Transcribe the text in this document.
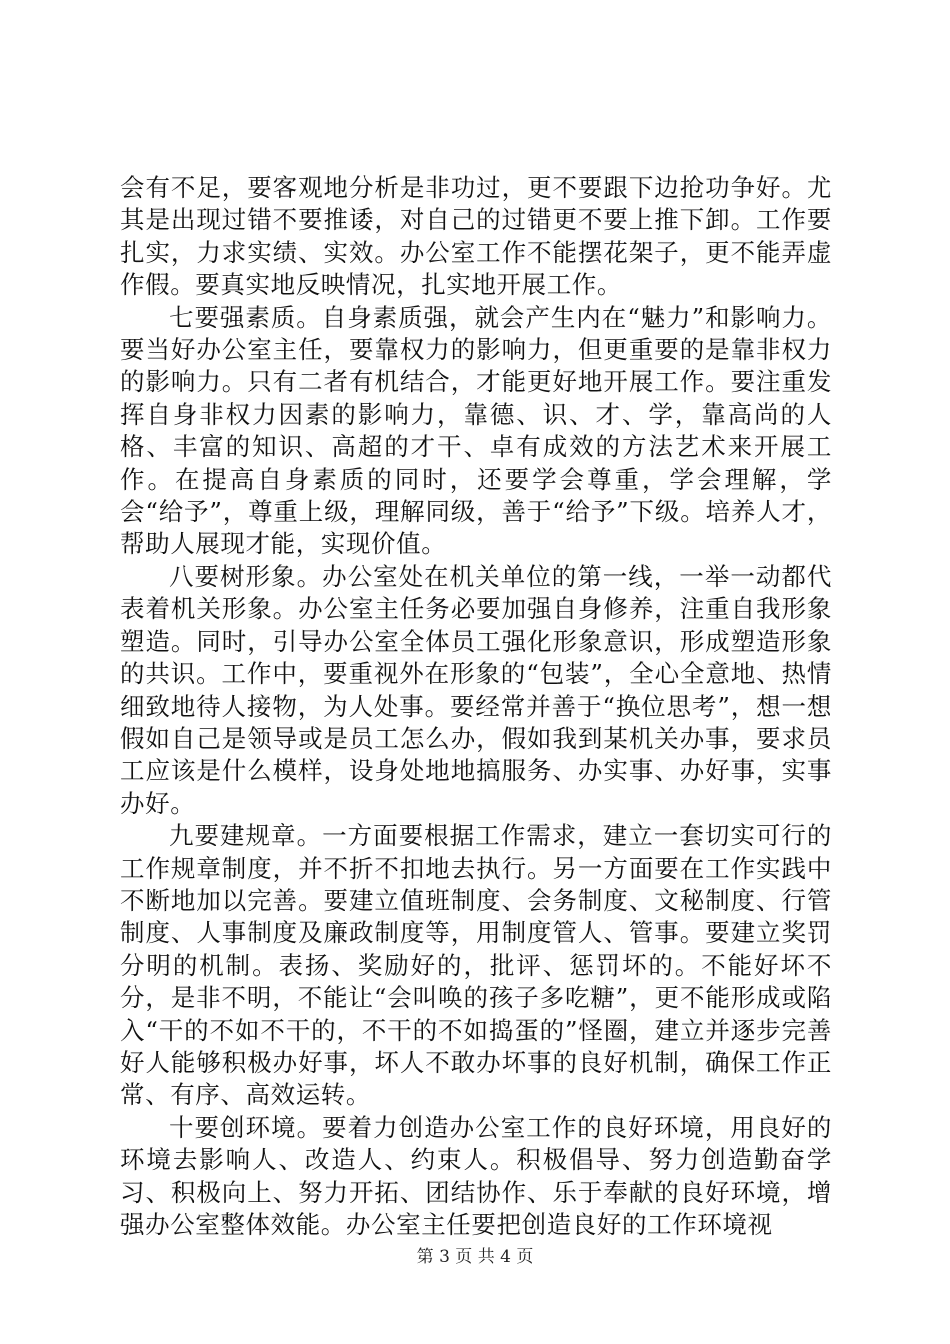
会有不足，要客观地分析是非功过，更不要跟下边抢功争好。尤其是出现过错不要推诿，对自己的过错更不要上推下卸。工作要扎实，力求实绩、实效。办公室工作不能摆花架子，更不能弄虚作假。要真实地反映情况，扎实地开展工作。

七要强素质。自身素质强，就会产生内在“魅力”和影响力。要当好办公室主任，要靠权力的影响力，但更重要的是靠非权力的影响力。只有二者有机结合，才能更好地开展工作。要注重发挥自身非权力因素的影响力，靠德、识、才、学，靠高尚的人格、丰富的知识、高超的才干、卓有成效的方法艺术来开展工作。在提高自身素质的同时，还要学会尊重，学会理解，学会“给予”，尊重上级，理解同级，善于“给予”下级。培养人才，帮助人展现才能，实现价值。

八要树形象。办公室处在机关单位的第一线，一举一动都代表着机关形象。办公室主任务必要加强自身修养，注重自我形象塑造。同时，引导办公室全体员工强化形象意识，形成塑造形象的共识。工作中，要重视外在形象的“包装”，全心全意地、热情细致地待人接物，为人处事。要经常并善于“换位思考”，想一想假如自己是领导或是员工怎么办，假如我到某机关办事，要求员工应该是什么模样，设身处地地搞服务、办实事、办好事，实事办好。

九要建规章。一方面要根据工作需求，建立一套切实可行的工作规章制度，并不折不扣地去执行。另一方面要在工作实践中不断地加以完善。要建立值班制度、会务制度、文秘制度、行管制度、人事制度及廉政制度等，用制度管人、管事。要建立奖罚分明的机制。表扬、奖励好的，批评、惩罚坏的。不能好坏不分，是非不明，不能让“会叫唤的孩子多吃糖”，更不能形成或陷入“干的不如不干的，不干的不如捣蛋的”怪圈，建立并逐步完善好人能够积极办好事，坏人不敢办坏事的良好机制，确保工作正常、有序、高效运转。

十要创环境。要着力创造办公室工作的良好环境，用良好的环境去影响人、改造人、约束人。积极倡导、努力创造勤奋学习、积极向上、努力开拓、团结协作、乐于奉献的良好环境，增强办公室整体效能。办公室主任要把创造良好的工作环境视

第 3 页 共 4 页
